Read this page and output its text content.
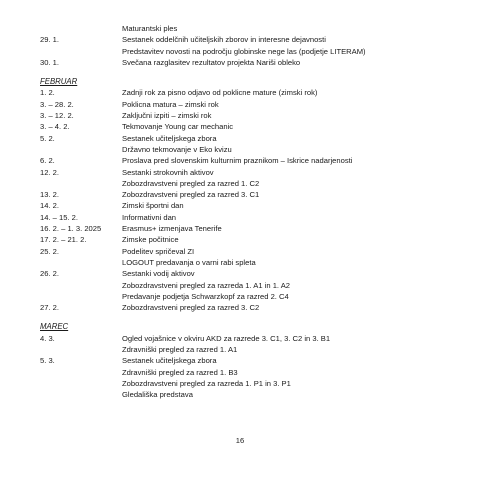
Maturantski ples
29. 1.	Sestanek oddelčnih učiteljskih zborov in interesne dejavnosti
Predstavitev novosti na področju globinske nege las (podjetje LITERAM)
30. 1.	Svečana razglasitev rezultatov projekta Nariši obleko
FEBRUAR
1. 2.	Zadnji rok za pisno odjavo od poklicne mature (zimski rok)
3. – 28. 2.	Poklicna matura – zimski rok
3. – 12. 2.	Zaključni izpiti – zimski rok
3. – 4. 2.	Tekmovanje Young car mechanic
5. 2.	Sestanek učiteljskega zbora
Državno tekmovanje v Eko kvizu
6. 2.	Proslava pred slovenskim kulturnim praznikom – Iskrice nadarjenosti
12. 2.	Sestanki strokovnih aktivov
Zobozdravstveni pregled za razred 1. C2
13. 2.	Zobozdravstveni pregled za razred 3. C1
14. 2.	Zimski športni dan
14. – 15. 2.	Informativni dan
16. 2. – 1. 3. 2025	Erasmus+ izmenjava Tenerife
17. 2. – 21. 2.	Zimske počitnice
25. 2.	Podelitev spričeval ZI
LOGOUT predavanja o varni rabi spleta
26. 2.	Sestanki vodij aktivov
Zobozdravstveni pregled za razreda 1. A1 in 1. A2
Predavanje podjetja Schwarzkopf za razred 2. C4
27. 2.	Zobozdravstveni pregled za razred 3. C2
MAREC
4. 3.	Ogled vojašnice v okviru AKD za razrede 3. C1, 3. C2 in 3. B1
Zdravniški pregled za razred 1. A1
5. 3.	Sestanek učiteljskega zbora
Zdravniški pregled za razred 1. B3
Zobozdravstveni pregled za razreda 1. P1 in 3. P1
Gledališka predstava
16
